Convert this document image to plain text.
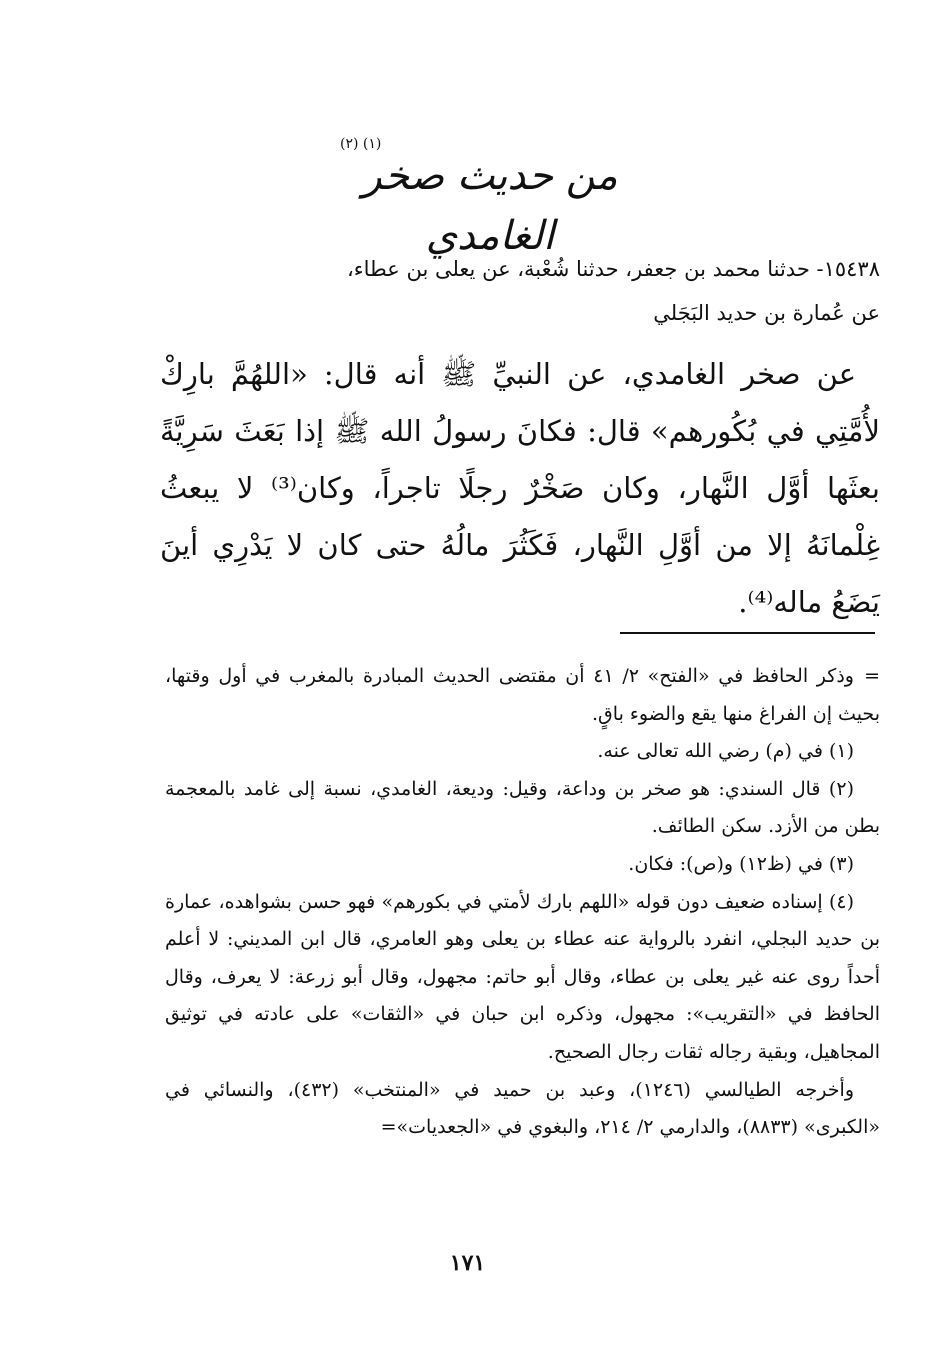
(١) (٢)
من حديث صخر الغامدي

١٥٤٣٨- حدثنا محمد بن جعفر، حدثنا شُعْبة، عن يعلى بن عطاء،

عن عُمارة بن حديد البَجَلي

عن صخر الغامدي، عن النبيِّ ﷺ أنه قال: «اللهُمَّ بارِكْ لأُمَّتِي في بُكُورهم» قال: فكانَ رسولُ الله ﷺ إذا بَعَثَ سَرِيَّةً بعثَها أوَّل النَّهار، وكان صَخْرٌ رجلًا تاجراً، وكان⁽³⁾ لا يبعثُ غِلْمانَهُ إلا من أوَّلِ النَّهار، فَكَثُرَ مالُهُ حتى كان لا يَدْرِي أينَ يَضَعُ ماله⁽⁴⁾.

=وذكر الحافظ في «الفتح» ٢/ ٤١ أن مقتضى الحديث المبادرة بالمغرب في أول وقتها، بحيث إن الفراغ منها يقع والضوء باقٍ.

(١) في (م) رضي الله تعالى عنه.

(٢) قال السندي: هو صخر بن وداعة، وقيل: وديعة، الغامدي، نسبة إلى غامد بالمعجمة بطن من الأزد. سكن الطائف.

(٣) في (ظ١٢) و(ص): فكان.

(٤) إسناده ضعيف دون قوله «اللهم بارك لأمتي في بكورهم» فهو حسن بشواهده، عمارة بن حديد البجلي، انفرد بالرواية عنه عطاء بن يعلى وهو العامري، قال ابن المديني: لا أعلم أحداً روى عنه غير يعلى بن عطاء، وقال أبو حاتم: مجهول، وقال أبو زرعة: لا يعرف، وقال الحافظ في «التقريب»: مجهول، وذكره ابن حبان في «الثقات» على عادته في توثيق المجاهيل، وبقية رجاله ثقات رجال الصحيح.

وأخرجه الطيالسي (١٢٤٦)، وعبد بن حميد في «المنتخب» (٤٣٢)، والنسائي في «الكبرى» (٨٨٣٣)، والدارمي ٢/ ٢١٤، والبغوي في «الجعديات»=

١٧١
